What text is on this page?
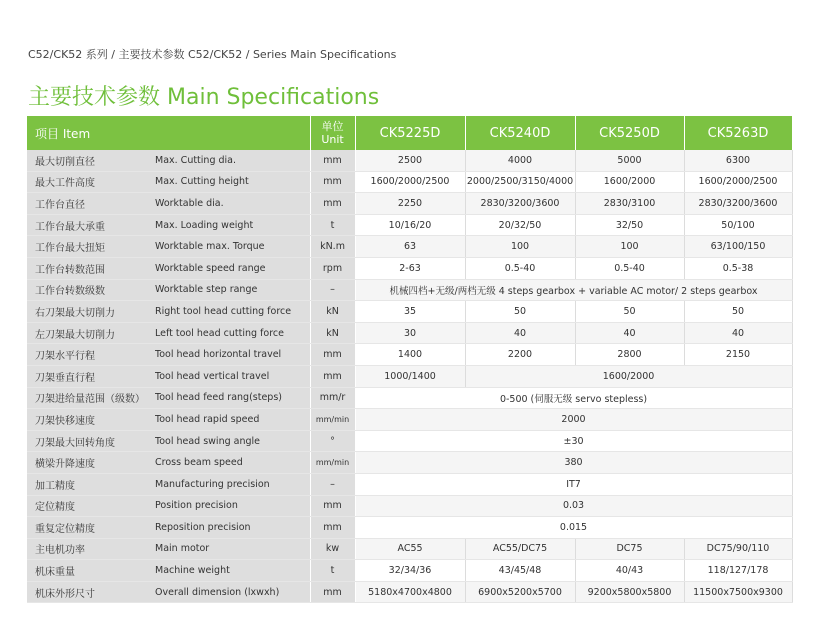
C52/CK52 系列 / 主要技术参数 C52/CK52 / Series Main Specifications
主要技术参数 Main Specifications
项目 Item		单位
Unit	CK5225D	CK5240D	CK5250D	CK5263D
最大切削直径	Max. Cutting dia.	mm	2500	4000	5000	6300
最大工件高度	Max. Cutting height	mm	1600/2000/2500	2000/2500/3150/4000	1600/2000	1600/2000/2500
工作台直径	Worktable dia.	mm	2250	2830/3200/3600	2830/3100	2830/3200/3600
工作台最大承重	Max. Loading weight	t	10/16/20	20/32/50	32/50	50/100
工作台最大扭矩	Worktable max. Torque	kN.m	63	100	100	63/100/150
工作台转数范围	Worktable speed range	rpm	2-63	0.5-40	0.5-40	0.5-38
工作台转数级数	Worktable step range	–	机械四档+无级/两档无级 4 steps gearbox + variable AC motor/ 2 steps gearbox			
右刀架最大切削力	Right tool head cutting force	kN	35	50	50	50
左刀架最大切削力	Left tool head cutting force	kN	30	40	40	40
刀架水平行程	Tool head horizontal travel	mm	1400	2200	2800	2150
刀架垂直行程	Tool head vertical travel	mm	1000/1400	1600/2000		
刀架进给量范围（级数）	Tool head feed rang(steps)	mm/r	0-500 (伺服无级 servo stepless)			
刀架快移速度	Tool head rapid speed	mm/min	2000			
刀架最大回转角度	Tool head swing angle	°	±30			
横梁升降速度	Cross beam speed	mm/min	380			
加工精度	Manufacturing precision	–	IT7			
定位精度	Position precision	mm	0.03			
重复定位精度	Reposition precision	mm	0.015			
主电机功率	Main motor	kw	AC55	AC55/DC75	DC75	DC75/90/110
机床重量	Machine weight	t	32/34/36	43/45/48	40/43	118/127/178
机床外形尺寸	Overall dimension (lxwxh)	mm	5180x4700x4800	6900x5200x5700	9200x5800x5800	11500x7500x9300
